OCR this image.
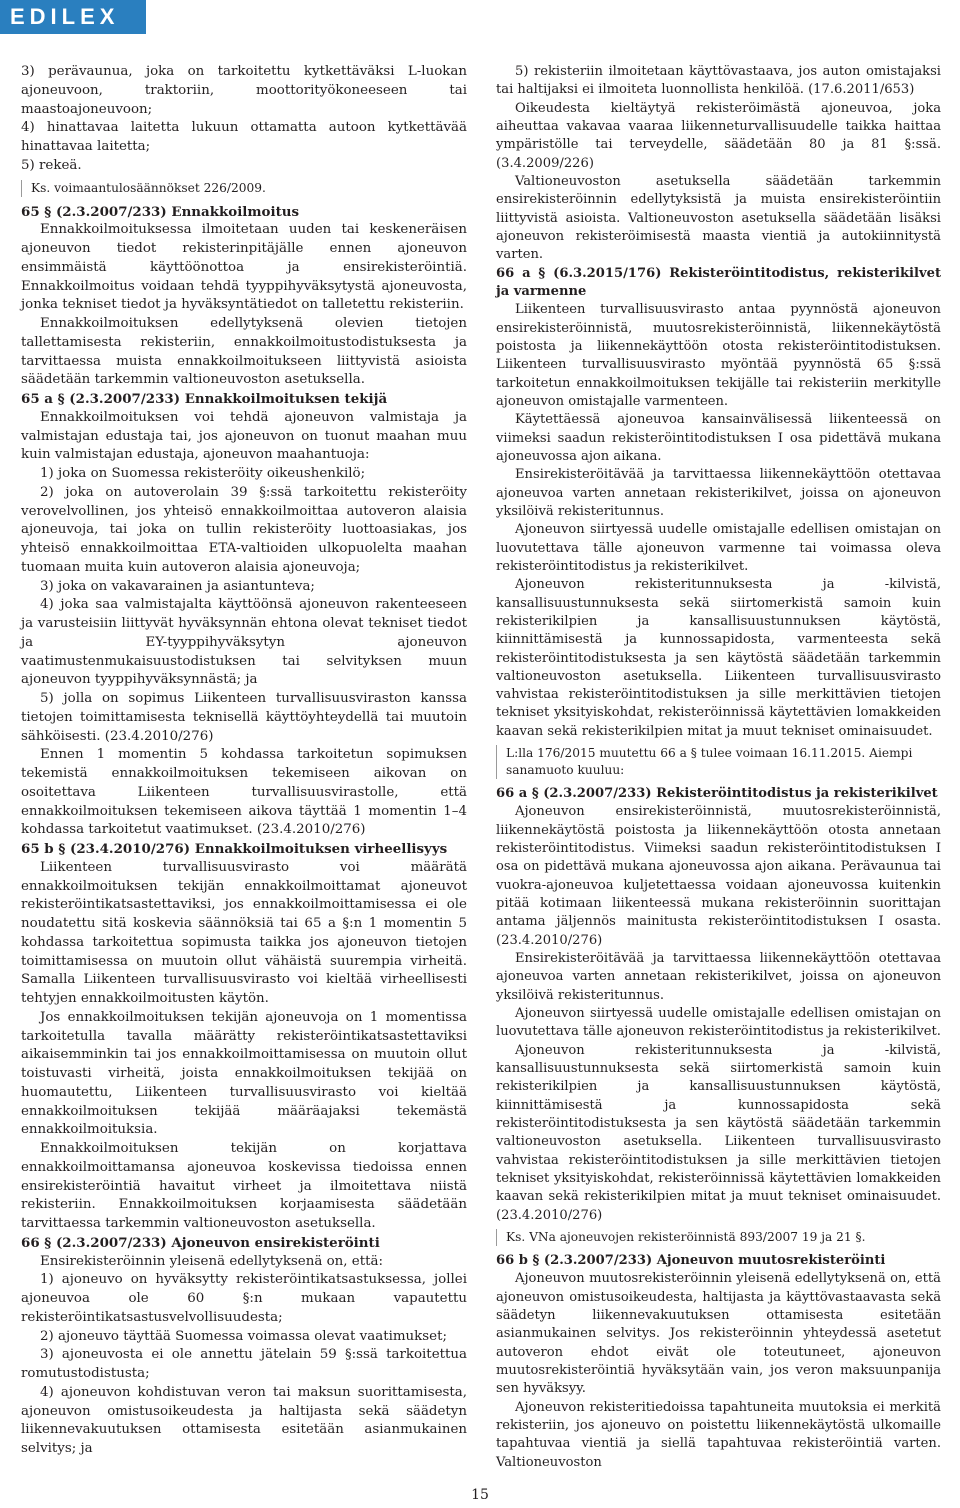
EDILEX
3) perävaunua, joka on tarkoitettu kytkettäväksi L-luokan ajoneuvoon, traktoriin, moottorityökoneeseen tai maastoajoneuvoon;
4) hinattavaa laitetta lukuun ottamatta autoon kytkettävää hinattavaa laitetta;
5) rekeä.
Ks. voimaantulosäännökset 226/2009.
65 § (2.3.2007/233) Ennakkoilmoitus
Ennakkoilmoituksessa ilmoitetaan uuden tai keskeneräisen ajoneuvon tiedot rekisterinpitäjälle ennen ajoneuvon ensimmäistä käyttöönottoa ja ensirekisteröintiä. Ennakkoilmoitus voidaan tehdä tyyppihyväksytystä ajoneuvosta, jonka tekniset tiedot ja hyväksyntätiedot on talletettu rekisteriin.
Ennakkoilmoituksen edellytyksenä olevien tietojen tallettamisesta rekisteriin, ennakkoilmoitustodistuksesta ja tarvittaessa muista ennakkoilmoitukseen liittyvistä asioista säädetään tarkemmin valtioneuvoston asetuksella.
65 a § (2.3.2007/233) Ennakkoilmoituksen tekijä
Ennakkoilmoituksen voi tehdä ajoneuvon valmistaja ja valmistajan edustaja tai, jos ajoneuvon on tuonut maahan muu kuin valmistajan edustaja, ajoneuvon maahantuoja:
1) joka on Suomessa rekisteröity oikeushenkilö;
2) joka on autoverolain 39 §:ssä tarkoitettu rekisteröity verovelvollinen, jos yhteisö ennakkoilmoittaa autoveron alaisia ajoneuvoja, tai joka on tullin rekisteröity luottoasiakas, jos yhteisö ennakkoilmoittaa ETA-valtioiden ulkopuolelta maahan tuomaan muita kuin autoveron alaisia ajoneuvoja;
3) joka on vakavarainen ja asiantunteva;
4) joka saa valmistajalta käyttöönsä ajoneuvon rakenteeseen ja varusteisiin liittyvät hyväksynnän ehtona olevat tekniset tiedot ja EY-tyyppihyväksytyn ajoneuvon vaatimustenmukaisuustodistuksen tai selvityksen muun ajoneuvon tyyppihyväksynnästä; ja
5) jolla on sopimus Liikenteen turvallisuusviraston kanssa tietojen toimittamisesta teknisellä käyttöyhteydellä tai muutoin sähköisesti. (23.4.2010/276)
Ennen 1 momentin 5 kohdassa tarkoitetun sopimuksen tekemistä ennakkoilmoituksen tekemiseen aikovan on osoitettava Liikenteen turvallisuusvirastolle, että ennakkoilmoituksen tekemiseen aikova täyttää 1 momentin 1–4 kohdassa tarkoitetut vaatimukset. (23.4.2010/276)
65 b § (23.4.2010/276) Ennakkoilmoituksen virheellisyys
Liikenteen turvallisuusvirasto voi määrätä ennakkoilmoituksen tekijän ennakkoilmoittamat ajoneuvot rekisteröintikatsastettaviksi, jos ennakkoilmoittamisessa ei ole noudatettu sitä koskevia säännöksiä tai 65 a §:n 1 momentin 5 kohdassa tarkoitettua sopimusta taikka jos ajoneuvon tietojen toimittamisessa on muutoin ollut vähäistä suurempia virheitä. Samalla Liikenteen turvallisuusvirasto voi kieltää virheellisesti tehtyjen ennakkoilmoitusten käytön.
Jos ennakkoilmoituksen tekijän ajoneuvoja on 1 momentissa tarkoitetulla tavalla määrätty rekisteröintikatsastettaviksi aikaisemminkin tai jos ennakkoilmoittamisessa on muutoin ollut toistuvasti virheitä, joista ennakkoilmoituksen tekijää on huomautettu, Liikenteen turvallisuusvirasto voi kieltää ennakkoilmoituksen tekijää määräajaksi tekemästä ennakkoilmoituksia.
Ennakkoilmoituksen tekijän on korjattava ennakkoilmoittamansa ajoneuvoa koskevissa tiedoissa ennen ensirekisteröintiä havaitut virheet ja ilmoitettava niistä rekisteriin. Ennakkoilmoituksen korjaamisesta säädetään tarvittaessa tarkemmin valtioneuvoston asetuksella.
66 § (2.3.2007/233) Ajoneuvon ensirekisteröinti
Ensirekisteröinnin yleisenä edellytyksenä on, että:
1) ajoneuvo on hyväksytty rekisteröintikatsastuksessa, jollei ajoneuvoa ole 60 §:n mukaan vapautettu rekisteröintikatsastusvelvollisuudesta;
2) ajoneuvo täyttää Suomessa voimassa olevat vaatimukset;
3) ajoneuvosta ei ole annettu jätelain 59 §:ssä tarkoitettua romutustodistusta;
4) ajoneuvon kohdistuvan veron tai maksun suorittamisesta, ajoneuvon omistusoikeudesta ja haltijasta sekä säädetyn liikennevakuutuksen ottamisesta esitetään asianmukainen selvitys; ja
5) rekisteriin ilmoitetaan käyttövastaava, jos auton omistajaksi tai haltijaksi ei ilmoiteta luonnollista henkilöä. (17.6.2011/653)
Oikeudesta kieltäytyä rekisteröimästä ajoneuvoa, joka aiheuttaa vakavaa vaaraa liikenneturvallisuudelle taikka haittaa ympäristölle tai terveydelle, säädetään 80 ja 81 §:ssä. (3.4.2009/226)
Valtioneuvoston asetuksella säädetään tarkemmin ensirekisteröinnin edellytyksistä ja muista ensirekisteröintiin liittyvistä asioista. Valtioneuvoston asetuksella säädetään lisäksi ajoneuvon rekisteröimisestä maasta vientiä ja autokiinnitystä varten.
66 a § (6.3.2015/176) Rekisteröintitodistus, rekisterikilvet ja varmenne
Liikenteen turvallisuusvirasto antaa pyynnöstä ajoneuvon ensirekisteröinnistä, muutosrekisteröinnistä, liikennekäytöstä poistosta ja liikennekäyttöön otosta rekisteröintitodistuksen. Liikenteen turvallisuusvirasto myöntää pyynnöstä 65 §:ssä tarkoitetun ennakkoilmoituksen tekijälle tai rekisteriin merkitylle ajoneuvon omistajalle varmenteen.
Käytettäessä ajoneuvoa kansainvälisessä liikenteessä on viimeksi saadun rekisteröintitodistuksen I osa pidettävä mukana ajoneuvossa ajon aikana.
Ensirekisteröitävää ja tarvittaessa liikennekäyttöön otettavaa ajoneuvoa varten annetaan rekisterikilvet, joissa on ajoneuvon yksilöivä rekisteritunnus.
Ajoneuvon siirtyessä uudelle omistajalle edellisen omistajan on luovutettava tälle ajoneuvon varmenne tai voimassa oleva rekisteröintitodistus ja rekisterikilvet.
Ajoneuvon rekisteritunnuksesta ja -kilvistä, kansallisuustunnuksesta sekä siirtomerkistä samoin kuin rekisterikilpien ja kansallisuustunnuksen käytöstä, kiinnittämisestä ja kunnossapidosta, varmenteesta sekä rekisteröintitodistuksesta ja sen käytöstä säädetään tarkemmin valtioneuvoston asetuksella. Liikenteen turvallisuusvirasto vahvistaa rekisteröintitodistuksen ja sille merkittävien tietojen tekniset yksityiskohdat, rekisteröinnissä käytettävien lomakkeiden kaavan sekä rekisterikilpien mitat ja muut tekniset ominaisuudet.
L:lla 176/2015 muutettu 66 a § tulee voimaan 16.11.2015. Aiempi sanamuoto kuuluu:
66 a § (2.3.2007/233) Rekisteröintitodistus ja rekisterikilvet
Ajoneuvon ensirekisteröinnistä, muutosrekisteröinnistä, liikennekäytöstä poistosta ja liikennekäyttöön otosta annetaan rekisteröintitodistus. Viimeksi saadun rekisteröintitodistuksen I osa on pidettävä mukana ajoneuvossa ajon aikana. Perävaunua tai vuokra-ajoneuvoa kuljetettaessa voidaan ajoneuvossa kuitenkin pitää kotimaan liikenteessä mukana rekisteröinnin suorittajan antama jäljennös mainitusta rekisteröintitodistuksen I osasta. (23.4.2010/276)
Ensirekisteröitävää ja tarvittaessa liikennekäyttöön otettavaa ajoneuvoa varten annetaan rekisterikilvet, joissa on ajoneuvon yksilöivä rekisteritunnus.
Ajoneuvon siirtyessä uudelle omistajalle edellisen omistajan on luovutettava tälle ajoneuvon rekisteröintitodistus ja rekisterikilvet.
Ajoneuvon rekisteritunnuksesta ja -kilvistä, kansallisuustunnuksesta sekä siirtomerkistä samoin kuin rekisterikilpien ja kansallisuustunnuksen käytöstä, kiinnittämisestä ja kunnossapidosta sekä rekisteröintitodistuksesta ja sen käytöstä säädetään tarkemmin valtioneuvoston asetuksella. Liikenteen turvallisuusvirasto vahvistaa rekisteröintitodistuksen ja sille merkittävien tietojen tekniset yksityiskohdat, rekisteröinnissä käytettävien lomakkeiden kaavan sekä rekisterikilpien mitat ja muut tekniset ominaisuudet. (23.4.2010/276)
Ks. VNa ajoneuvojen rekisteröinnistä 893/2007 19 ja 21 §.
66 b § (2.3.2007/233) Ajoneuvon muutosrekisteröinti
Ajoneuvon muutosrekisteröinnin yleisenä edellytyksenä on, että ajoneuvon omistusoikeudesta, haltijasta ja käyttövastaavasta sekä säädetyn liikennevakuutuksen ottamisesta esitetään asianmukainen selvitys. Jos rekisteröinnin yhteydessä asetetut autoveron ehdot eivät ole toteutuneet, ajoneuvon muutosrekisteröintiä hyväksytään vain, jos veron maksuunpanija sen hyväksyy.
Ajoneuvon rekisteritiedoissa tapahtuneita muutoksia ei merkitä rekisteriin, jos ajoneuvo on poistettu liikennekäytöstä ulkomaille tapahtuvaa vientiä ja siellä tapahtuvaa rekisteröintiä varten. Valtioneuvoston
15
